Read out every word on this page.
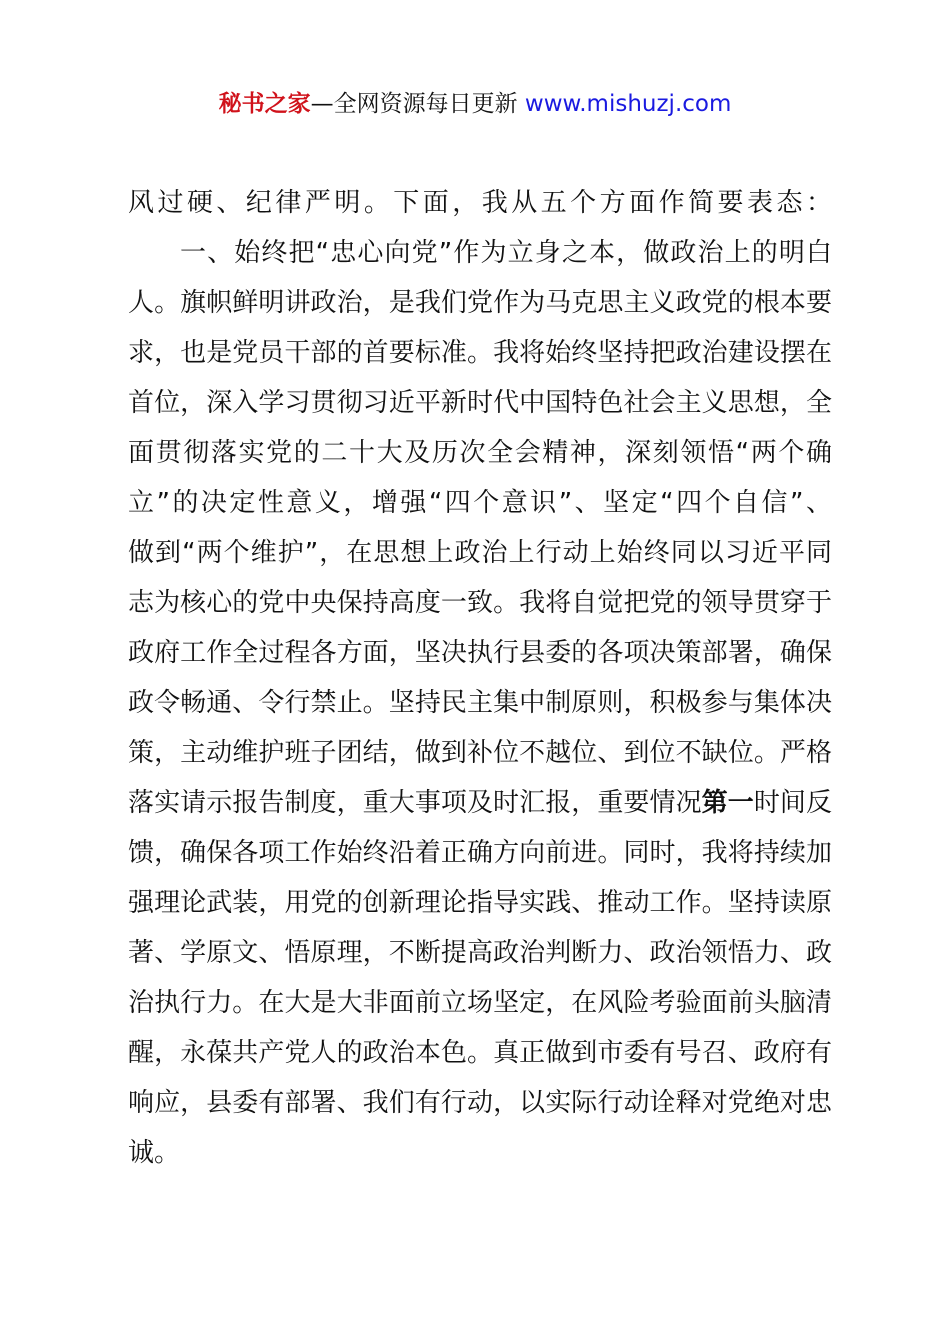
秘书之家—全网资源每日更新 www.mishuzj.com
风过硬、纪律严明。下面，我从五个方面作简要表态：
一、始终把“忠心向党”作为立身之本，做政治上的明白
人。旗帜鲜明讲政治，是我们党作为马克思主义政党的根本要
求，也是党员干部的首要标准。我将始终坚持把政治建设摆在
首位，深入学习贯彻习近平新时代中国特色社会主义思想，全
面贯彻落实党的二十大及历次全会精神，深刻领悟“两个确
立”的决定性意义，增强“四个意识”、坚定“四个自信”、
做到“两个维护”，在思想上政治上行动上始终同以习近平同
志为核心的党中央保持高度一致。我将自觉把党的领导贯穿于
政府工作全过程各方面，坚决执行县委的各项决策部署，确保
政令畅通、令行禁止。坚持民主集中制原则，积极参与集体决
策，主动维护班子团结，做到补位不越位、到位不缺位。严格
落实请示报告制度，重大事项及时汇报，重要情况第一时间反
馈，确保各项工作始终沿着正确方向前进。同时，我将持续加
强理论武装，用党的创新理论指导实践、推动工作。坚持读原
著、学原文、悟原理，不断提高政治判断力、政治领悟力、政
治执行力。在大是大非面前立场坚定，在风险考验面前头脑清
醒，永葆共产党人的政治本色。真正做到市委有号召、政府有
响应，县委有部署、我们有行动，以实际行动诠释对党绝对忠
诚。
